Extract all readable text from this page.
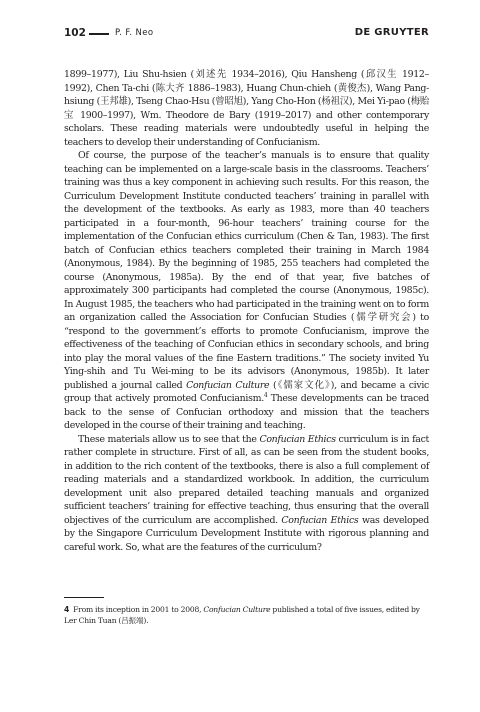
102	P. F. Neo	DE GRUYTER

1899–1977), Liu Shu-hsien (刘述先 1934–2016), Qiu Hansheng (邱汉生 1912–1992), Chen Ta-chi (陈大齐 1886–1983), Huang Chun-chieh (黄俊杰), Wang Pang-hsiung (王邦雄), Tseng Chao-Hsu (曾昭旭), Yang Cho-Hon (杨祖汉), Mei Yi-pao (梅贻宝 1900–1997), Wm. Theodore de Bary (1919–2017) and other contemporary scholars. These reading materials were undoubtedly useful in helping the teachers to develop their understanding of Confucianism.

Of course, the purpose of the teacher’s manuals is to ensure that quality teaching can be implemented on a large-scale basis in the classrooms. Teachers’ training was thus a key component in achieving such results. For this reason, the Curriculum Development Institute conducted teachers’ training in parallel with the development of the textbooks. As early as 1983, more than 40 teachers participated in a four-month, 96-hour teachers’ training course for the implementation of the Confucian ethics curriculum (Chen & Tan, 1983). The first batch of Confucian ethics teachers completed their training in March 1984 (Anonymous, 1984). By the beginning of 1985, 255 teachers had completed the course (Anonymous, 1985a). By the end of that year, five batches of approximately 300 participants had completed the course (Anonymous, 1985c). In August 1985, the teachers who had participated in the training went on to form an organization called the Association for Confucian Studies (儒学研究会) to “respond to the government’s efforts to promote Confucianism, improve the effectiveness of the teaching of Confucian ethics in secondary schools, and bring into play the moral values of the fine Eastern traditions.” The society invited Yu Ying-shih and Tu Wei-ming to be its advisors (Anonymous, 1985b). It later published a journal called Confucian Culture (《儒家文化》), and became a civic group that actively promoted Confucianism.$^4$ These developments can be traced back to the sense of Confucian orthodoxy and mission that the teachers developed in the course of their training and teaching.

These materials allow us to see that the Confucian Ethics curriculum is in fact rather complete in structure. First of all, as can be seen from the student books, in addition to the rich content of the textbooks, there is also a full complement of reading materials and a standardized workbook. In addition, the curriculum development unit also prepared detailed teaching manuals and organized sufficient teachers’ training for effective teaching, thus ensuring that the overall objectives of the curriculum are accomplished. Confucian Ethics was developed by the Singapore Curriculum Development Institute with rigorous planning and careful work. So, what are the features of the curriculum?

4 From its inception in 2001 to 2008, Confucian Culture published a total of five issues, edited by Ler Chin Tuan (吕振端).
